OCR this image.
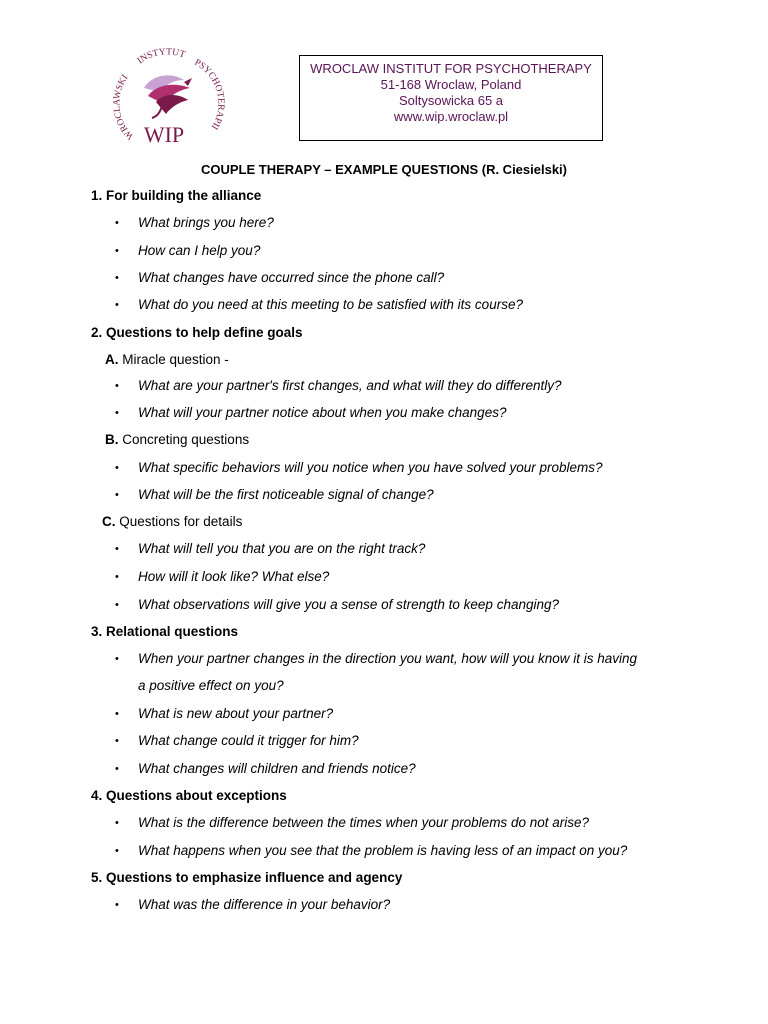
WROCLAWSKI
INSTYTUT
PSYCHOTERAPII
WIP
WROCLAW INSTITUT FOR PSYCHOTHERAPY
51-168 Wroclaw, Poland
Soltysowicka 65 a
www.wip.wroclaw.pl
COUPLE THERAPY – EXAMPLE QUESTIONS (R. Ciesielski)
1. For building the alliance
• What brings you here?
• How can I help you?
• What changes have occurred since the phone call?
• What do you need at this meeting to be satisfied with its course?
2. Questions to help define goals
A. Miracle question -
• What are your partner's first changes, and what will they do differently?
• What will your partner notice about when you make changes?
B. Concreting questions
• What specific behaviors will you notice when you have solved your problems?
• What will be the first noticeable signal of change?
C. Questions for details
• What will tell you that you are on the right track?
• How will it look like? What else?
• What observations will give you a sense of strength to keep changing?
3. Relational questions
• When your partner changes in the direction you want, how will you know it is having
a positive effect on you?
• What is new about your partner?
• What change could it trigger for him?
• What changes will children and friends notice?
4. Questions about exceptions
• What is the difference between the times when your problems do not arise?
• What happens when you see that the problem is having less of an impact on you?
5. Questions to emphasize influence and agency
• What was the difference in your behavior?
